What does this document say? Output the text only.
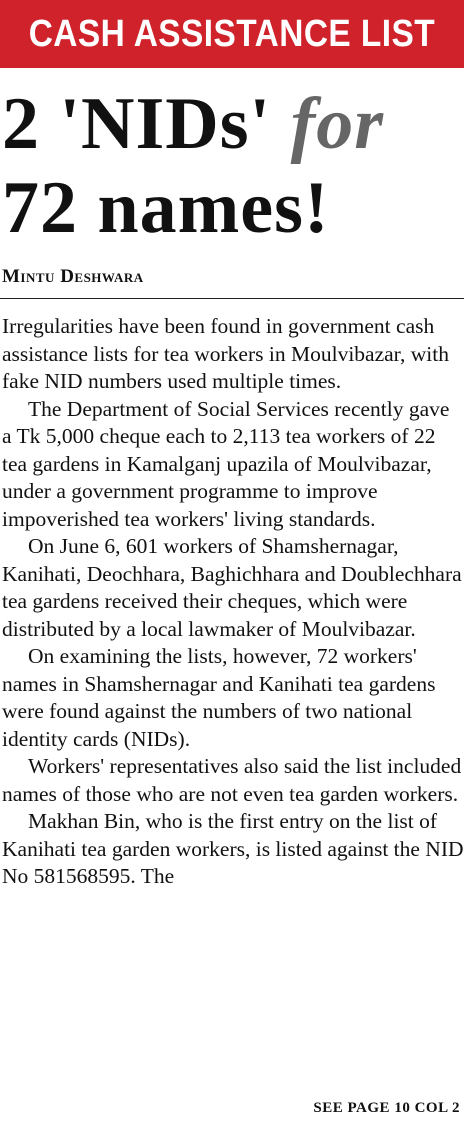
CASH ASSISTANCE LIST
2 'NIDs' for
72 names!
Mintu Deshwara

Irregularities have been found in government cash assistance lists for tea workers in Moulvibazar, with fake NID numbers used multiple times.

The Department of Social Services recently gave a Tk 5,000 cheque each to 2,113 tea workers of 22 tea gardens in Kamalganj upazila of Moulvibazar, under a government programme to improve impoverished tea workers' living standards.

On June 6, 601 workers of Shamshernagar, Kanihati, Deochhara, Baghichhara and Doublechhara tea gardens received their cheques, which were distributed by a local lawmaker of Moulvibazar.

On examining the lists, however, 72 workers' names in Shamshernagar and Kanihati tea gardens were found against the numbers of two national identity cards (NIDs).

Workers' representatives also said the list included names of those who are not even tea garden workers.

Makhan Bin, who is the first entry on the list of Kanihati tea garden workers, is listed against the NID No 581568595. The

SEE PAGE 10 COL 2
